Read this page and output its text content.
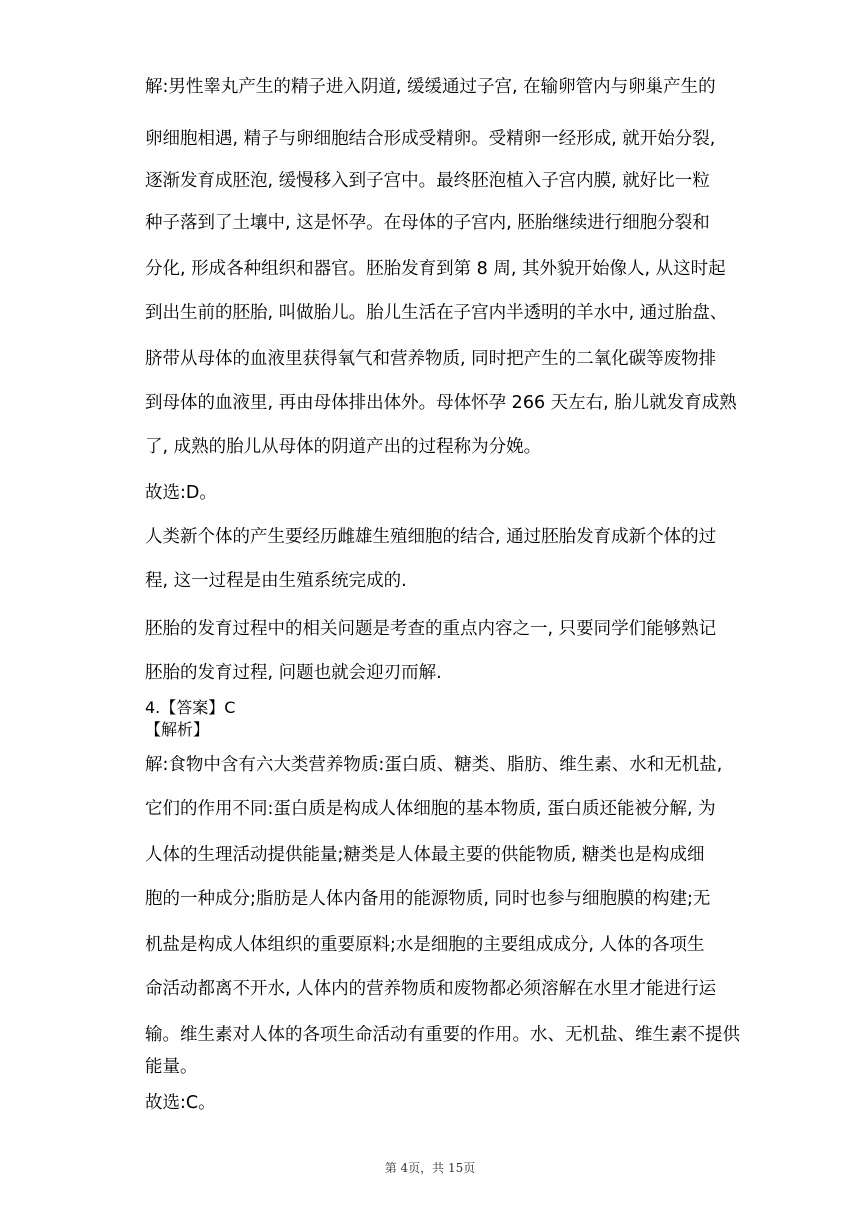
解:男性睾丸产生的精子进入阴道, 缓缓通过子宫, 在输卵管内与卵巢产生的
卵细胞相遇, 精子与卵细胞结合形成受精卵。受精卵一经形成, 就开始分裂,
逐渐发育成胚泡, 缓慢移入到子宫中。最终胚泡植入子宫内膜, 就好比一粒
种子落到了土壤中, 这是怀孕。在母体的子宫内, 胚胎继续进行细胞分裂和
分化, 形成各种组织和器官。胚胎发育到第 8 周, 其外貌开始像人, 从这时起
到出生前的胚胎, 叫做胎儿。胎儿生活在子宫内半透明的羊水中, 通过胎盘、
脐带从母体的血液里获得氧气和营养物质, 同时把产生的二氧化碳等废物排
到母体的血液里, 再由母体排出体外。母体怀孕 266 天左右, 胎儿就发育成熟
了, 成熟的胎儿从母体的阴道产出的过程称为分娩。
故选:D。
人类新个体的产生要经历雌雄生殖细胞的结合, 通过胚胎发育成新个体的过
程, 这一过程是由生殖系统完成的.
胚胎的发育过程中的相关问题是考查的重点内容之一, 只要同学们能够熟记
胚胎的发育过程, 问题也就会迎刃而解.
4.【答案】C
【解析】
解:食物中含有六大类营养物质:蛋白质、糖类、脂肪、维生素、水和无机盐,
它们的作用不同:蛋白质是构成人体细胞的基本物质, 蛋白质还能被分解, 为
人体的生理活动提供能量;糖类是人体最主要的供能物质, 糖类也是构成细
胞的一种成分;脂肪是人体内备用的能源物质, 同时也参与细胞膜的构建;无
机盐是构成人体组织的重要原料;水是细胞的主要组成成分, 人体的各项生
命活动都离不开水, 人体内的营养物质和废物都必须溶解在水里才能进行运
输。维生素对人体的各项生命活动有重要的作用。水、无机盐、维生素不提供
能量。
故选:C。
第 4页，共 15页
